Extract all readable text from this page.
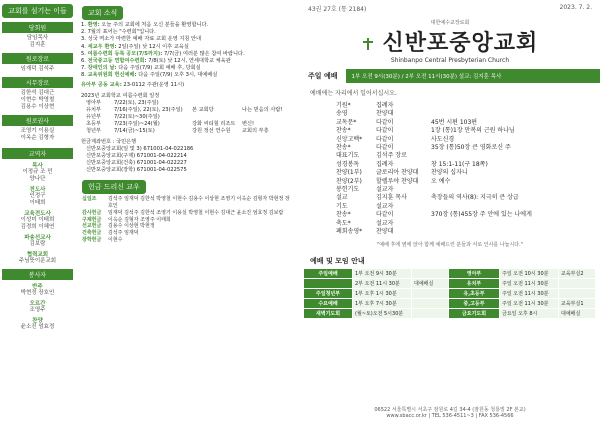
교회를 섬기는 이들
당회원
담임목사
김지훈
원로장로
임재덕 김석주
시무장로
김한석 김대근
이현수 박영철
김용수 이상현
원로권사
조영기 이용실
이옥순 김형자
교역자
목사
이정규 조 민
양나단
전도사
인정구
이태희
교육전도사
이성미 이태희
김경희 이혜연
파송선교사
김보람
협력교회
주님뜻이룬교회
봉사자
반주
박현정 장호인
오르간
조영주
찬양
윤소진 엄효정
교회 소식
1. 환영: 오늘 주의 교회에 처음 오신 분들을 환영합니다.
2. 7월의 표어는 "수련회"입니다.
3. 성국 역소가 마련한 예배 자료 교회 운영 지침 안내
4. 세교우 환영: 2일(주일) 낮 12시 이후 교육실
5. 여름수련회 등록 공모(7/5까지): 7/7(금) 여러분 많은 참여 바랍니다.
6. 전국중고등 연합여수련회: 7/8(토) 낮 12시, 연세대학교 체육관
7. 장애인의 날: 다음 주일(7/9) 교회 예배 후, 당회실
8. 교육위원회 헌신예배: 다음 주일(7/9) 오후 3시, 대예배실
유아부 공동 교육: 23-0112 주관(운영 11시)
2023년 교회학교 여름수련회 일정
영아부 7/22(토), 23(주일)
유치부 7/16(주일), 22(토), 23(주일) 본 교회당	나는 믿음의 사람!
유년부 7/22(토)~30(주일)
초등부 7/23(주일)~24(월)	강화 씨티힐 리조트 변신!
청년부 7/14(금)~15(토)	강원 정선 연수원 교회의 부흥
헌금계좌번호 : 국민은행
신반포중앙교회(일 및 3) 671001-04-022186
신반포중앙교회(구제) 671001-04-022214
신반포중앙교회(건축) 671001-04-022227
신반포중앙교회(장학) 671001-04-022575
헌금 드리신 교우
십일조	김석주 임재덕 김한석 박영철 이현수 김용수 이상현 조영기 이옥순 김형자 박현정 장호인
감사헌금	임재덕 김석주 김한석 조영기 이용실 박영철 이현수 김대근 윤소진 엄효정 김보람
구제헌금	이옥순 김형자 조영주 이태희
선교헌금	김용수 이상현 박현정
건축헌금	김석주 임재덕
장학헌금	이현수
43권 27호 (통 2184)	2023. 7. 2.
대한예수교장로회
신반포중앙교회
Shinbanpo Central Presbyterian Church
주일 예배	1부 오전 9시(30분) / 2부 오전 11시(30분) 설교: 김지훈 목사
예배에는 자리에서 일어서십시오.
기원*	집례자
송영	찬양대
교독문*	다같이	45번 시편 103편
찬송*	다같이	1장 (통)1장 만복의 근원 하나님
신앙고백*	다같이	사도신경
찬송*	다같이	35장 (통)50장 큰 영화로신 주
대표기도	김석주 장로
성경봉독	집례자	창 15:1-11(구 18쪽)
찬양(1부)	글로리아 찬양대	찬양의 십자니
찬양(2부)	할렐루야 찬양대	오 예수
봉헌기도	설교자
설교	김지훈 목사	축장들의 역사(8): 지극히 큰 상급
기도	설교자
찬송*	다같이	370장 (통)455장 주 안에 있는 나에게
축도*	설교자
폐회송영*	찬양대
"예배 후에 옆에 앉아 함께 예배드린 분들과 서로 인사를 나눕시다."
예배 및 모임 안내
주일예배	1부 오전 9시 30분	영아부	주일 오전 10시 30분	교육부실2
2부 오전 11시 30분	대예배실	유치부	주일 오전 11시 30분
주일청년부	1부 오후 1시 30분	유,초등부	주일 오전 11시 30분
수요예배	1부 오후 7시 30분	중,고등부	주일 오전 11시 30분	교육부실1
새벽기도회	(월~토)오전 5시30분	금요기도회	금요일 오후 8시	대예배실
06522 서울특별시 서초구 잠원로 4길 34-4 (잠원동 청룡빌 2F 본교)
www.sbacc.or.kr | TEL 536-4511~3 | FAX 536-4566
